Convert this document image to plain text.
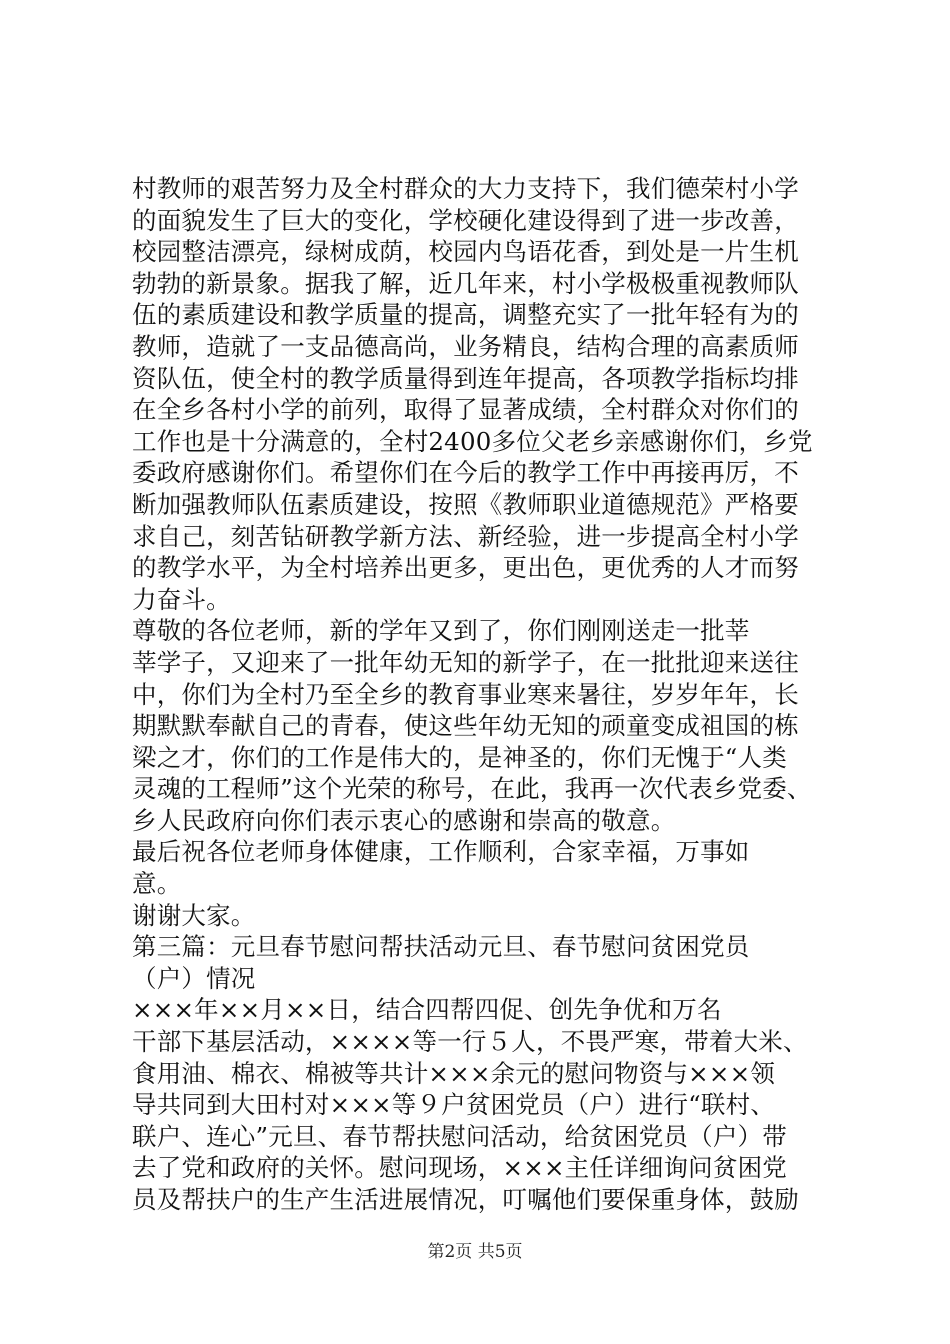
村教师的艰苦努力及全村群众的大力支持下，我们德荣村小学
的面貌发生了巨大的变化，学校硬化建设得到了进一步改善，
校园整洁漂亮，绿树成荫，校园内鸟语花香，到处是一片生机
勃勃的新景象。据我了解，近几年来，村小学极极重视教师队
伍的素质建设和教学质量的提高，调整充实了一批年轻有为的
教师，造就了一支品德高尚，业务精良，结构合理的高素质师
资队伍，使全村的教学质量得到连年提高，各项教学指标均排
在全乡各村小学的前列，取得了显著成绩，全村群众对你们的
工作也是十分满意的，全村2400多位父老乡亲感谢你们，乡党
委政府感谢你们。希望你们在今后的教学工作中再接再厉，不
断加强教师队伍素质建设，按照《教师职业道德规范》严格要
求自己，刻苦钻研教学新方法、新经验，进一步提高全村小学
的教学水平，为全村培养出更多，更出色，更优秀的人才而努
力奋斗。
尊敬的各位老师，新的学年又到了，你们刚刚送走一批莘
莘学子，又迎来了一批年幼无知的新学子，在一批批迎来送往
中，你们为全村乃至全乡的教育事业寒来暑往，岁岁年年，长
期默默奉献自己的青春，使这些年幼无知的顽童变成祖国的栋
梁之才，你们的工作是伟大的，是神圣的，你们无愧于“人类
灵魂的工程师”这个光荣的称号，在此，我再一次代表乡党委、
乡人民政府向你们表示衷心的感谢和崇高的敬意。
最后祝各位老师身体健康，工作顺利，合家幸福，万事如
意。
谢谢大家。
第三篇：元旦春节慰问帮扶活动元旦、春节慰问贫困党员
（户）情况
×××年××月××日，结合四帮四促、创先争优和万名
干部下基层活动，××××等一行５人，不畏严寒，带着大米、
食用油、棉衣、棉被等共计×××余元的慰问物资与×××领
导共同到大田村对×××等９户贫困党员（户）进行“联村、
联户、连心”元旦、春节帮扶慰问活动，给贫困党员（户）带
去了党和政府的关怀。慰问现场，×××主任详细询问贫困党
员及帮扶户的生产生活进展情况，叮嘱他们要保重身体，鼓励
第2页 共5页
